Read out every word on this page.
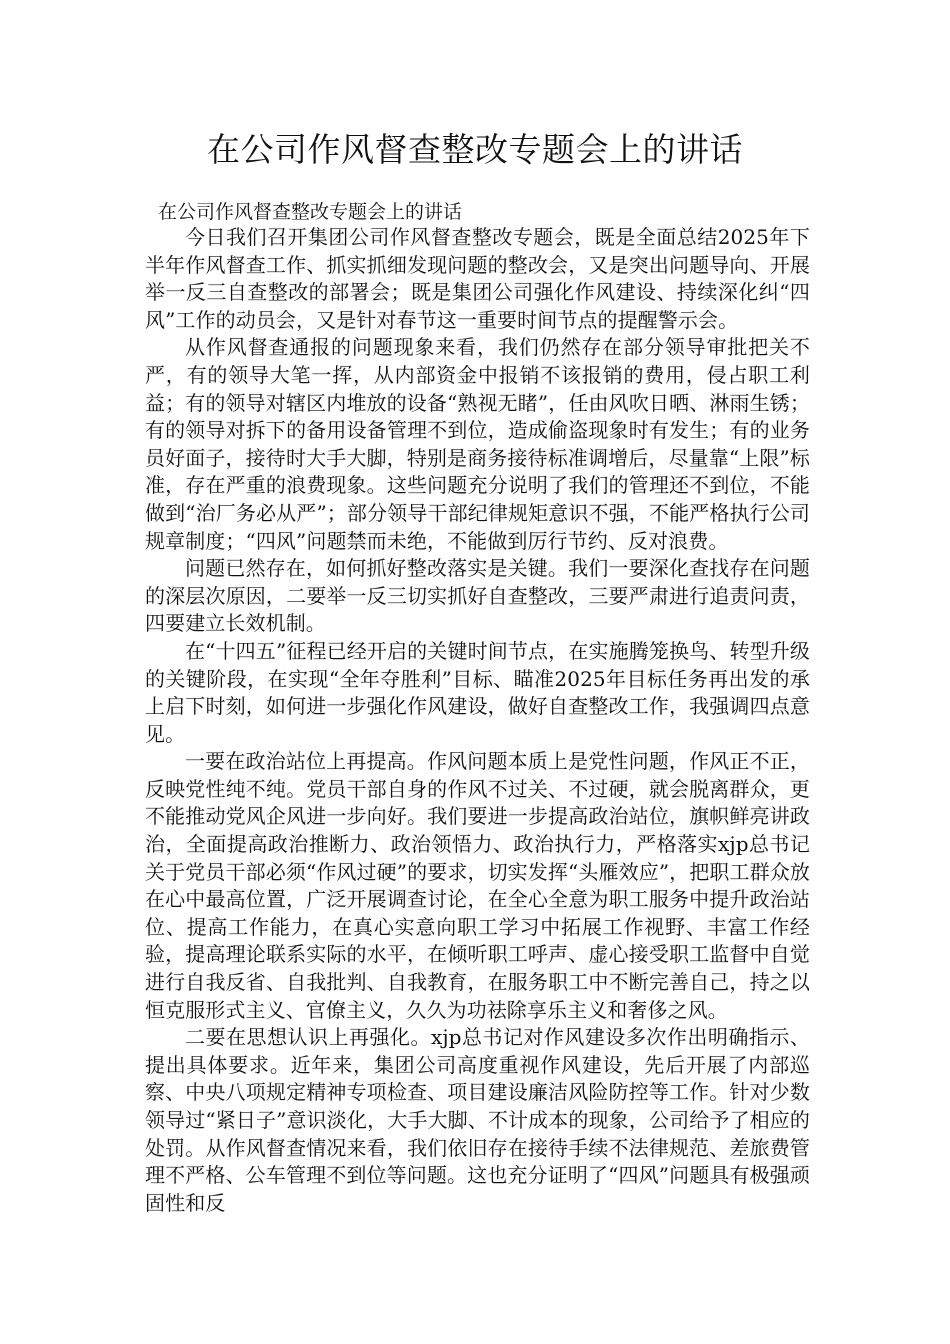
在公司作风督查整改专题会上的讲话

在公司作风督查整改专题会上的讲话

今日我们召开集团公司作风督查整改专题会，既是全面总结2025年下半年作风督查工作、抓实抓细发现问题的整改会，又是突出问题导向、开展举一反三自查整改的部署会；既是集团公司强化作风建设、持续深化纠“四风”工作的动员会，又是针对春节这一重要时间节点的提醒警示会。

从作风督查通报的问题现象来看，我们仍然存在部分领导审批把关不严，有的领导大笔一挥，从内部资金中报销不该报销的费用，侵占职工利益；有的领导对辖区内堆放的设备“熟视无睹”，任由风吹日晒、淋雨生锈；有的领导对拆下的备用设备管理不到位，造成偷盗现象时有发生；有的业务员好面子，接待时大手大脚，特别是商务接待标准调增后，尽量靠“上限”标准，存在严重的浪费现象。这些问题充分说明了我们的管理还不到位，不能做到“治厂务必从严”；部分领导干部纪律规矩意识不强，不能严格执行公司规章制度；“四风”问题禁而未绝，不能做到厉行节约、反对浪费。

问题已然存在，如何抓好整改落实是关键。我们一要深化查找存在问题的深层次原因，二要举一反三切实抓好自查整改，三要严肃进行追责问责，四要建立长效机制。

在“十四五”征程已经开启的关键时间节点，在实施腾笼换鸟、转型升级的关键阶段，在实现“全年夺胜利”目标、瞄准2025年目标任务再出发的承上启下时刻，如何进一步强化作风建设，做好自查整改工作，我强调四点意见。

一要在政治站位上再提高。作风问题本质上是党性问题，作风正不正，反映党性纯不纯。党员干部自身的作风不过关、不过硬，就会脱离群众，更不能推动党风企风进一步向好。我们要进一步提高政治站位，旗帜鲜亮讲政治，全面提高政治推断力、政治领悟力、政治执行力，严格落实xjp总书记关于党员干部必须“作风过硬”的要求，切实发挥“头雁效应”，把职工群众放在心中最高位置，广泛开展调查讨论，在全心全意为职工服务中提升政治站位、提高工作能力，在真心实意向职工学习中拓展工作视野、丰富工作经验，提高理论联系实际的水平，在倾听职工呼声、虚心接受职工监督中自觉进行自我反省、自我批判、自我教育，在服务职工中不断完善自己，持之以恒克服形式主义、官僚主义，久久为功祛除享乐主义和奢侈之风。

二要在思想认识上再强化。xjp总书记对作风建设多次作出明确指示、提出具体要求。近年来，集团公司高度重视作风建设，先后开展了内部巡察、中央八项规定精神专项检查、项目建设廉洁风险防控等工作。针对少数领导过“紧日子”意识淡化，大手大脚、不计成本的现象，公司给予了相应的处罚。从作风督查情况来看，我们依旧存在接待手续不法律规范、差旅费管理不严格、公车管理不到位等问题。这也充分证明了“四风”问题具有极强顽固性和反
